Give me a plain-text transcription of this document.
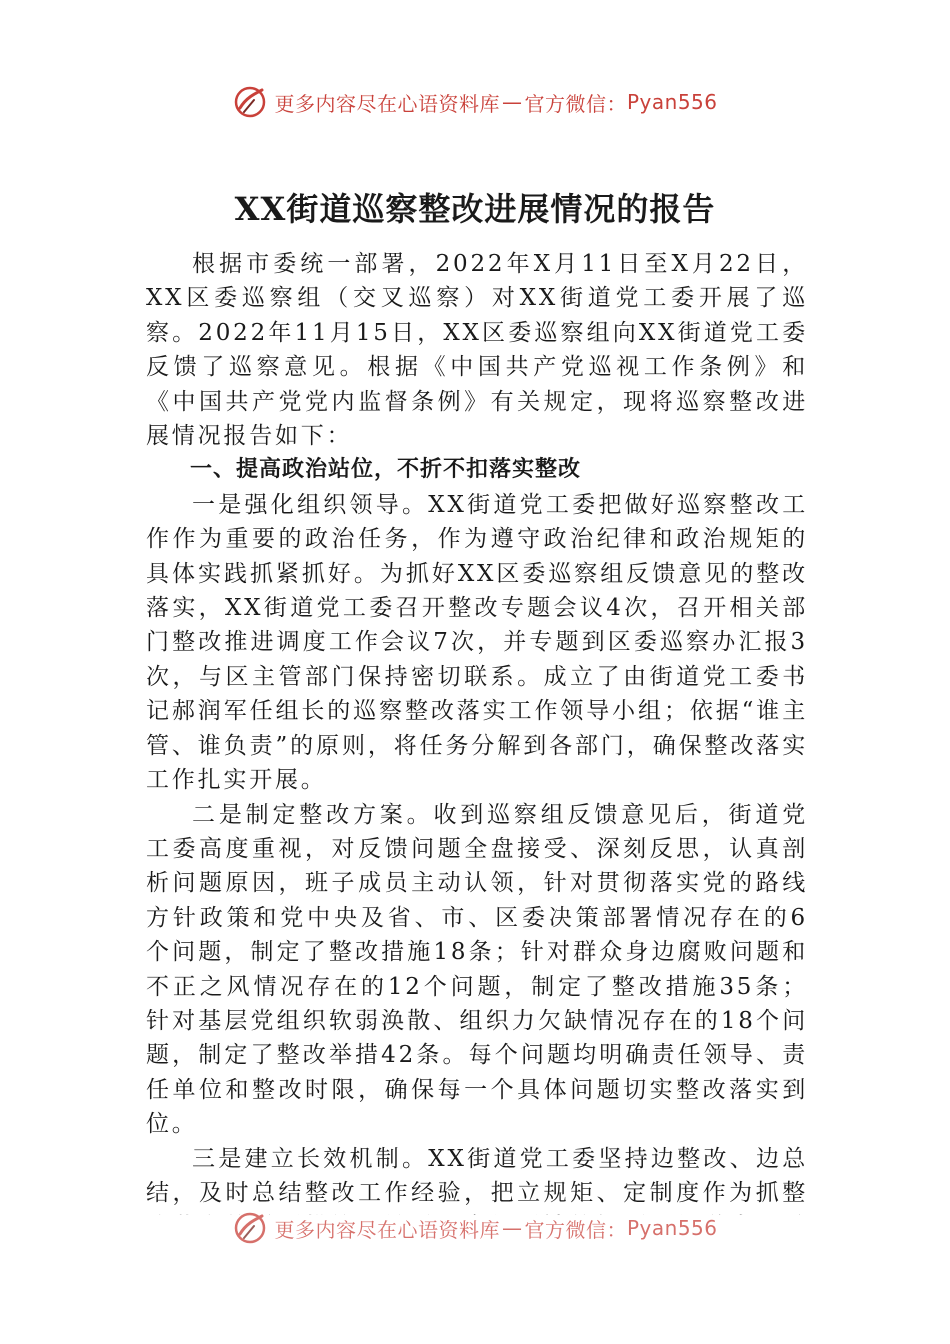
更多内容尽在心语资料库 — 官方微信： Pyan556
XX街道巡察整改进展情况的报告

根据市委统一部署，2022年X月11日至X月22日，XX区委巡察组（交叉巡察）对XX街道党工委开展了巡察。2022年11月15日，XX区委巡察组向XX街道党工委反馈了巡察意见。根据《中国共产党巡视工作条例》和《中国共产党党内监督条例》有关规定，现将巡察整改进展情况报告如下：

一、提高政治站位，不折不扣落实整改

一是强化组织领导。XX街道党工委把做好巡察整改工作作为重要的政治任务，作为遵守政治纪律和政治规矩的具体实践抓紧抓好。为抓好XX区委巡察组反馈意见的整改落实，XX街道党工委召开整改专题会议4次，召开相关部门整改推进调度工作会议7次，并专题到区委巡察办汇报3次，与区主管部门保持密切联系。成立了由街道党工委书记郝润军任组长的巡察整改落实工作领导小组；依据“谁主管、谁负责”的原则，将任务分解到各部门，确保整改落实工作扎实开展。

二是制定整改方案。收到巡察组反馈意见后，街道党工委高度重视，对反馈问题全盘接受、深刻反思，认真剖析问题原因，班子成员主动认领，针对贯彻落实党的路线方针政策和党中央及省、市、区委决策部署情况存在的6个问题，制定了整改措施18条；针对群众身边腐败问题和不正之风情况存在的12个问题，制定了整改措施35条；针对基层党组织软弱涣散、组织力欠缺情况存在的18个问题，制定了整改举措42条。每个问题均明确责任领导、责任单位和整改时限，确保每一个具体问题切实整改落实到位。

三是建立长效机制。XX街道党工委坚持边整改、边总结，及时总结整改工作经验，把立规矩、定制度作为抓整

更多内容尽在心语资料库 — 官方微信： Pyan556
